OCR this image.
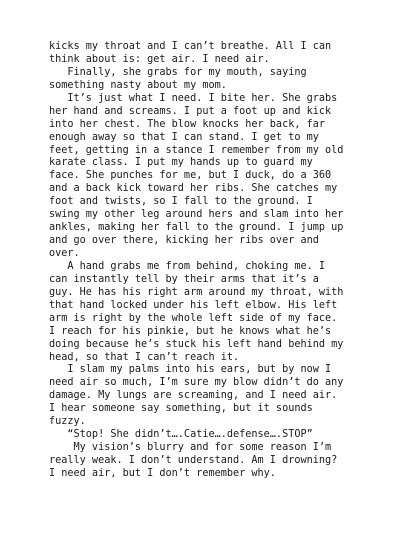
kicks my throat and I can’t breathe. All I can
think about is: get air. I need air.
Finally, she grabs for my mouth, saying
something nasty about my mom.
It’s just what I need. I bite her. She grabs
her hand and screams. I put a foot up and kick
into her chest. The blow knocks her back, far
enough away so that I can stand. I get to my
feet, getting in a stance I remember from my old
karate class. I put my hands up to guard my
face. She punches for me, but I duck, do a 360
and a back kick toward her ribs. She catches my
foot and twists, so I fall to the ground. I
swing my other leg around hers and slam into her
ankles, making her fall to the ground. I jump up
and go over there, kicking her ribs over and
over.
A hand grabs me from behind, choking me. I
can instantly tell by their arms that it’s a
guy. He has his right arm around my throat, with
that hand locked under his left elbow. His left
arm is right by the whole left side of my face.
I reach for his pinkie, but he knows what he’s
doing because he’s stuck his left hand behind my
head, so that I can’t reach it.
I slam my palms into his ears, but by now I
need air so much, I’m sure my blow didn’t do any
damage. My lungs are screaming, and I need air.
I hear someone say something, but it sounds
fuzzy.
“Stop! She didn’t….Catie….defense….STOP”
My vision’s blurry and for some reason I’m
really weak. I don’t understand. Am I drowning?
I need air, but I don’t remember why.
